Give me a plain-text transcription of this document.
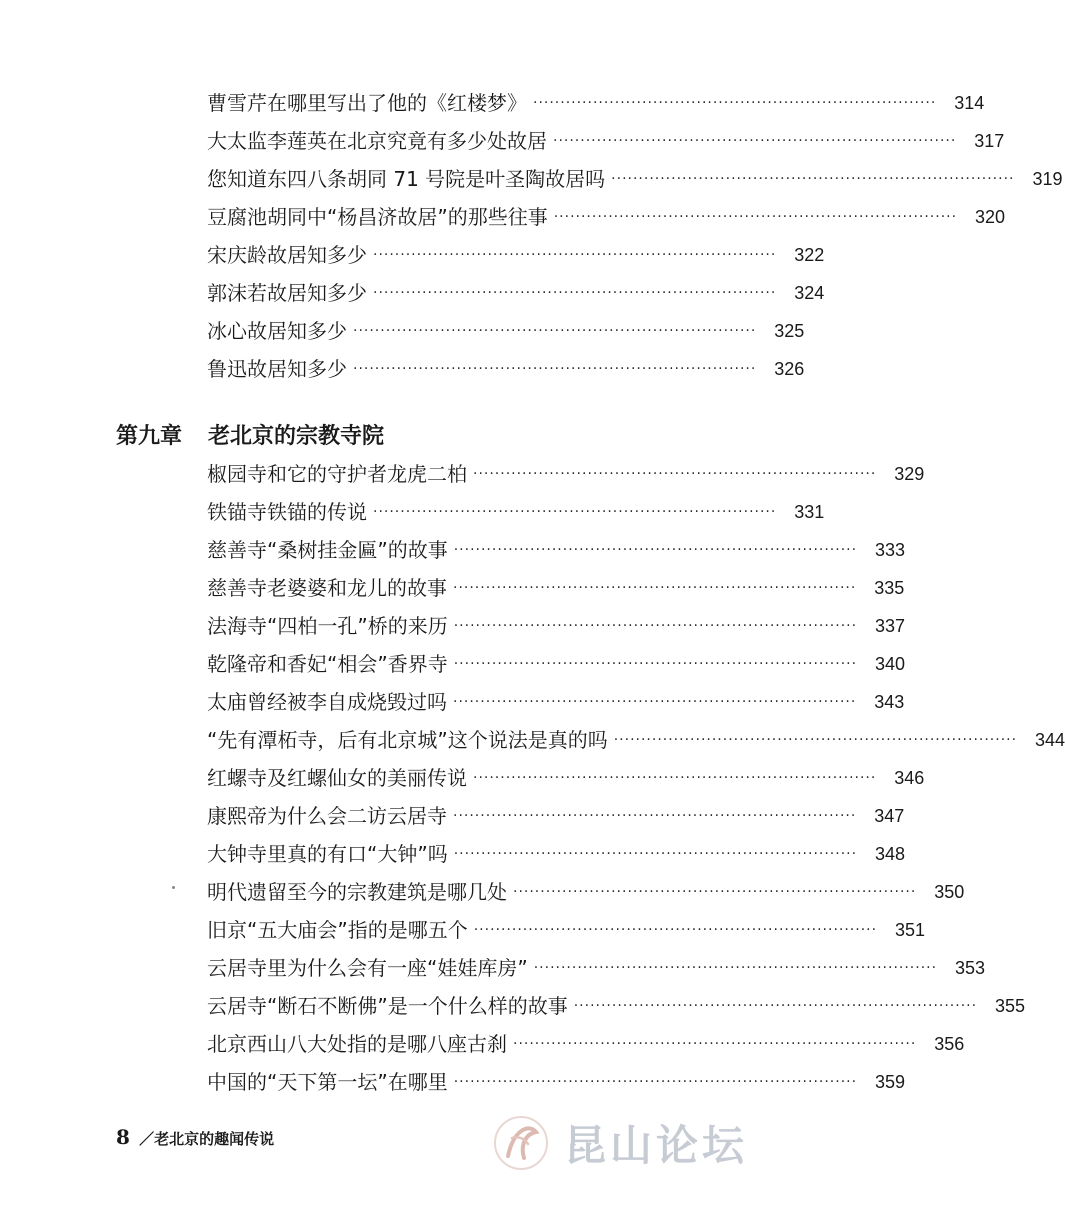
曹雪芹在哪里写出了他的《红楼梦》 ·········································································· 314
大太监李莲英在北京究竟有多少处故居 ·········································································· 317
您知道东四八条胡同 71 号院是叶圣陶故居吗 ·········································································· 319
豆腐池胡同中“杨昌济故居”的那些往事 ·········································································· 320
宋庆龄故居知多少 ·········································································· 322
郭沫若故居知多少 ·········································································· 324
冰心故居知多少 ·········································································· 325
鲁迅故居知多少 ·········································································· 326
第九章 老北京的宗教寺院
椒园寺和它的守护者龙虎二柏 ·········································································· 329
铁锚寺铁锚的传说 ·········································································· 331
慈善寺“桑树挂金匾”的故事 ·········································································· 333
慈善寺老婆婆和龙儿的故事 ·········································································· 335
法海寺“四柏一孔”桥的来历 ·········································································· 337
乾隆帝和香妃“相会”香界寺 ·········································································· 340
太庙曾经被李自成烧毁过吗 ·········································································· 343
“先有潭柘寺，后有北京城”这个说法是真的吗 ·········································································· 344
红螺寺及红螺仙女的美丽传说 ·········································································· 346
康熙帝为什么会二访云居寺 ·········································································· 347
大钟寺里真的有口“大钟”吗 ·········································································· 348
明代遗留至今的宗教建筑是哪几处 ·········································································· 350
旧京“五大庙会”指的是哪五个 ·········································································· 351
云居寺里为什么会有一座“娃娃库房” ·········································································· 353
云居寺“断石不断佛”是一个什么样的故事 ·········································································· 355
北京西山八大处指的是哪八座古刹 ·········································································· 356
中国的“天下第一坛”在哪里 ·········································································· 359
8 ／老北京的趣闻传说	昆山论坛
